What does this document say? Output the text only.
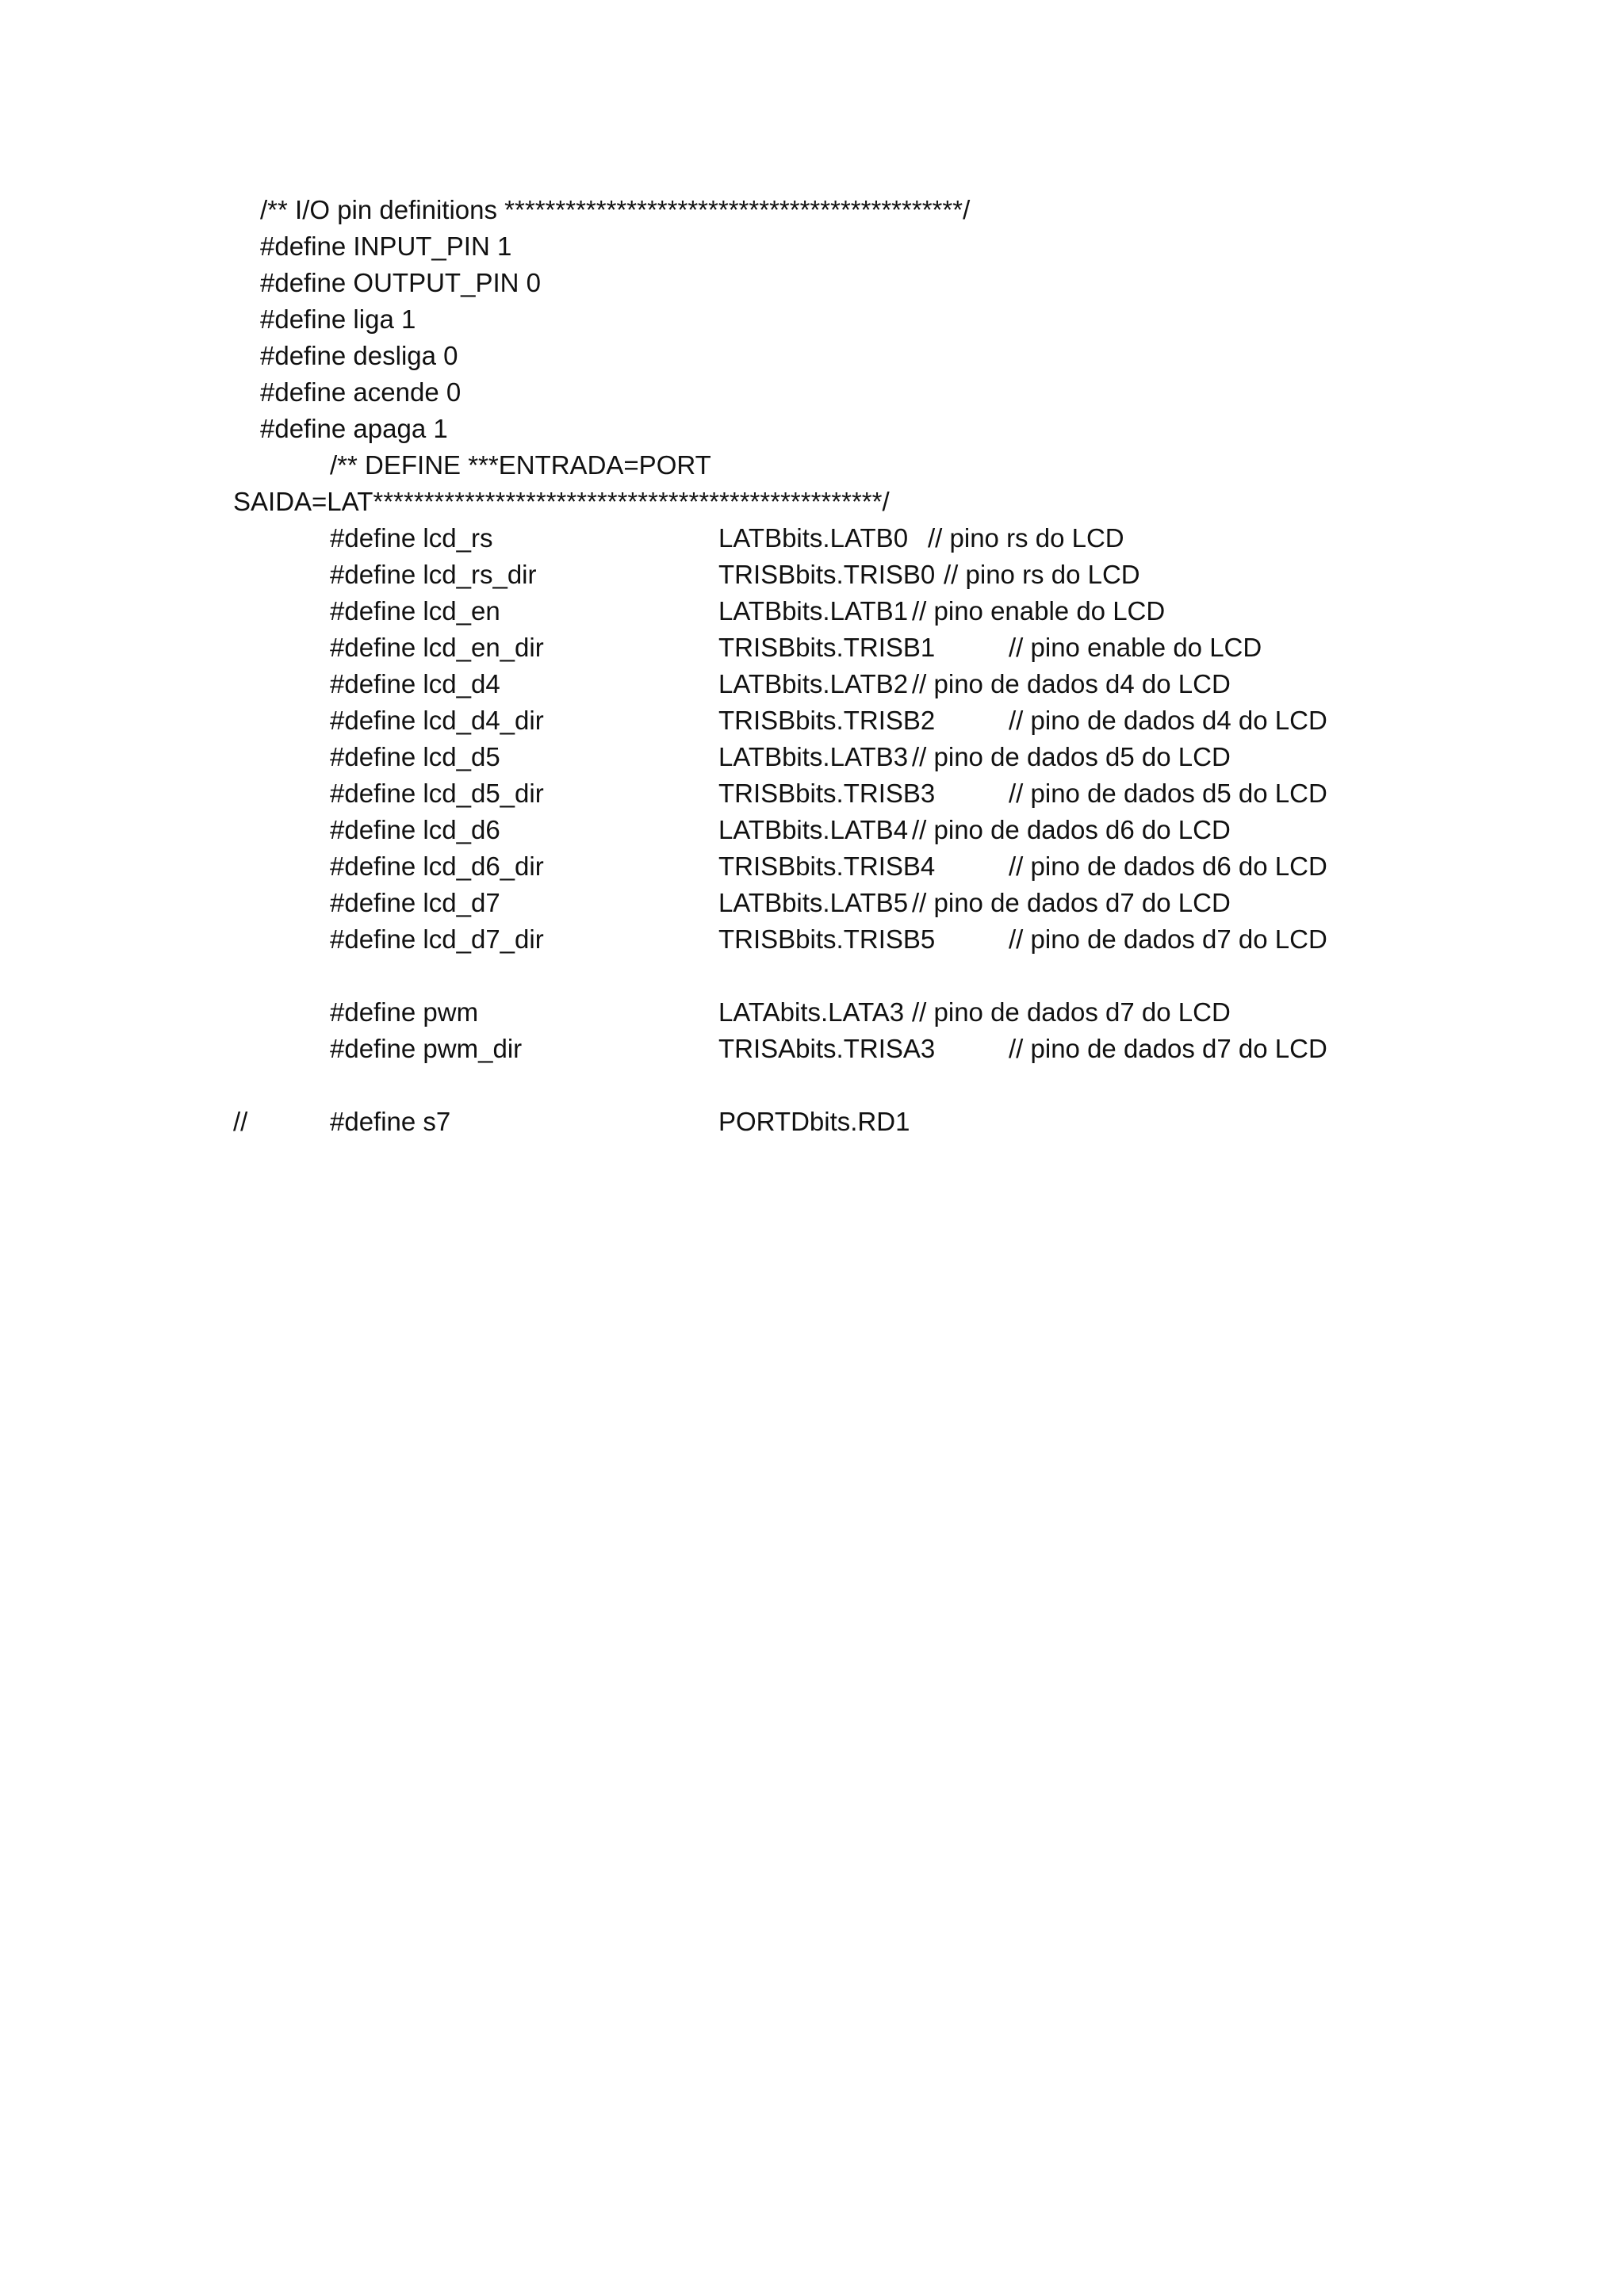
/** I/O pin definitions *********************************************/
#define INPUT_PIN 1
#define OUTPUT_PIN 0
#define liga 1
#define desliga 0
#define acende 0
#define apaga 1
/** DEFINE ***ENTRADA=PORT
SAIDA=LAT**************************************************/
#define lcd_rs	LATBbits.LATB0 // pino rs do LCD
#define lcd_rs_dir	TRISBbits.TRISB0 // pino rs do LCD
#define lcd_en	LATBbits.LATB1 // pino enable do LCD
#define lcd_en_dir	TRISBbits.TRISB1	// pino enable do LCD
#define lcd_d4	LATBbits.LATB2 // pino de dados d4 do LCD
#define lcd_d4_dir	TRISBbits.TRISB2	// pino de dados d4 do LCD
#define lcd_d5	LATBbits.LATB3 // pino de dados d5 do LCD
#define lcd_d5_dir	TRISBbits.TRISB3	// pino de dados d5 do LCD
#define lcd_d6	LATBbits.LATB4 // pino de dados d6 do LCD
#define lcd_d6_dir	TRISBbits.TRISB4	// pino de dados d6 do LCD
#define lcd_d7	LATBbits.LATB5 // pino de dados d7 do LCD
#define lcd_d7_dir	TRISBbits.TRISB5	// pino de dados d7 do LCD
#define pwm	LATAbits.LATA3 // pino de dados d7 do LCD
#define pwm_dir	TRISAbits.TRISA3	// pino de dados d7 do LCD
//	#define s7	PORTDbits.RD1
